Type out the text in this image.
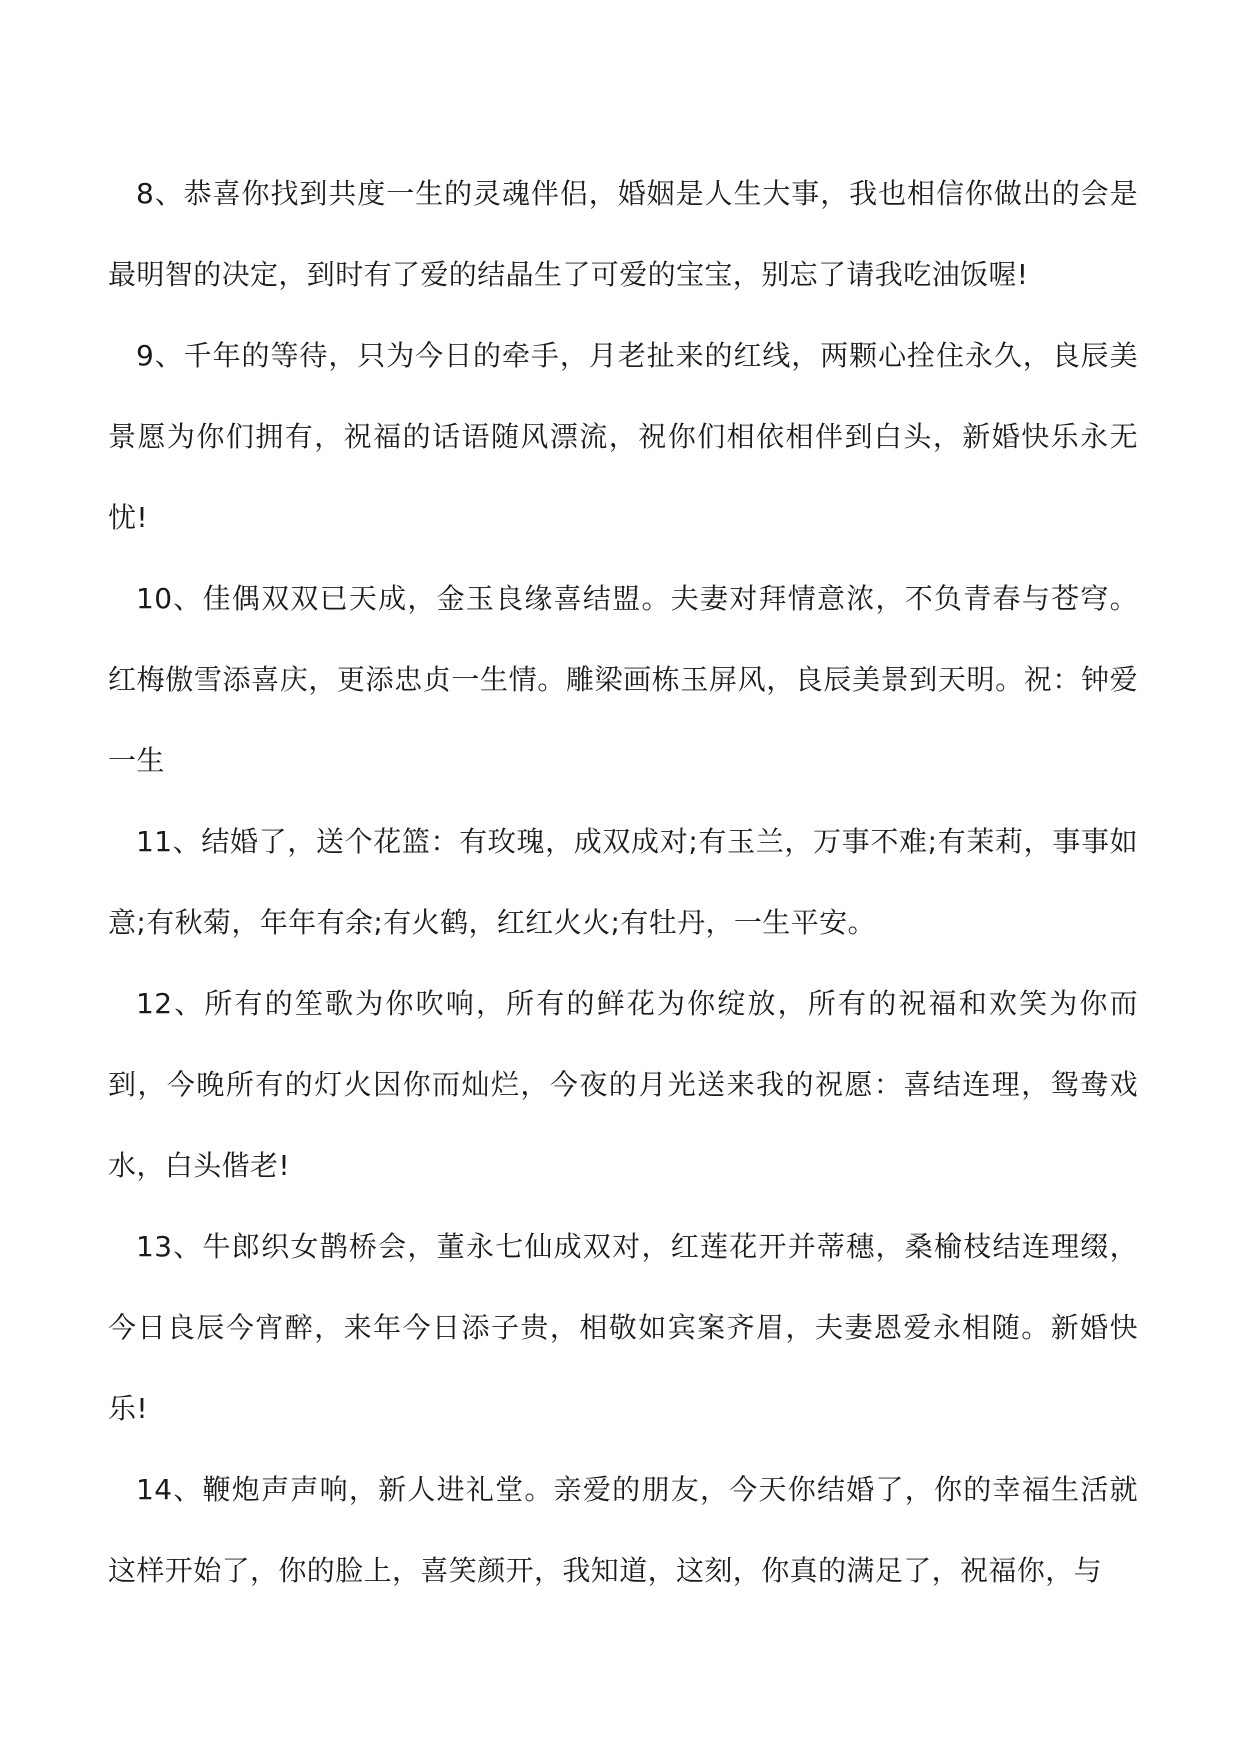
8、恭喜你找到共度一生的灵魂伴侣，婚姻是人生大事，我也相信你做出的会是最明智的决定，到时有了爱的结晶生了可爱的宝宝，别忘了请我吃油饭喔!

9、千年的等待，只为今日的牵手，月老扯来的红线，两颗心拴住永久，良辰美景愿为你们拥有，祝福的话语随风漂流，祝你们相依相伴到白头，新婚快乐永无忧!

10、佳偶双双已天成，金玉良缘喜结盟。夫妻对拜情意浓，不负青春与苍穹。红梅傲雪添喜庆，更添忠贞一生情。雕梁画栋玉屏风，良辰美景到天明。祝：钟爱一生

11、结婚了，送个花篮：有玫瑰，成双成对;有玉兰，万事不难;有茉莉，事事如意;有秋菊，年年有余;有火鹤，红红火火;有牡丹，一生平安。

12、所有的笙歌为你吹响，所有的鲜花为你绽放，所有的祝福和欢笑为你而到，今晚所有的灯火因你而灿烂，今夜的月光送来我的祝愿：喜结连理，鸳鸯戏水，白头偕老!

13、牛郎织女鹊桥会，董永七仙成双对，红莲花开并蒂穗，桑榆枝结连理缀，今日良辰今宵醉，来年今日添子贵，相敬如宾案齐眉，夫妻恩爱永相随。新婚快乐!

14、鞭炮声声响，新人进礼堂。亲爱的朋友，今天你结婚了，你的幸福生活就这样开始了，你的脸上，喜笑颜开，我知道，这刻，你真的满足了，祝福你，与
